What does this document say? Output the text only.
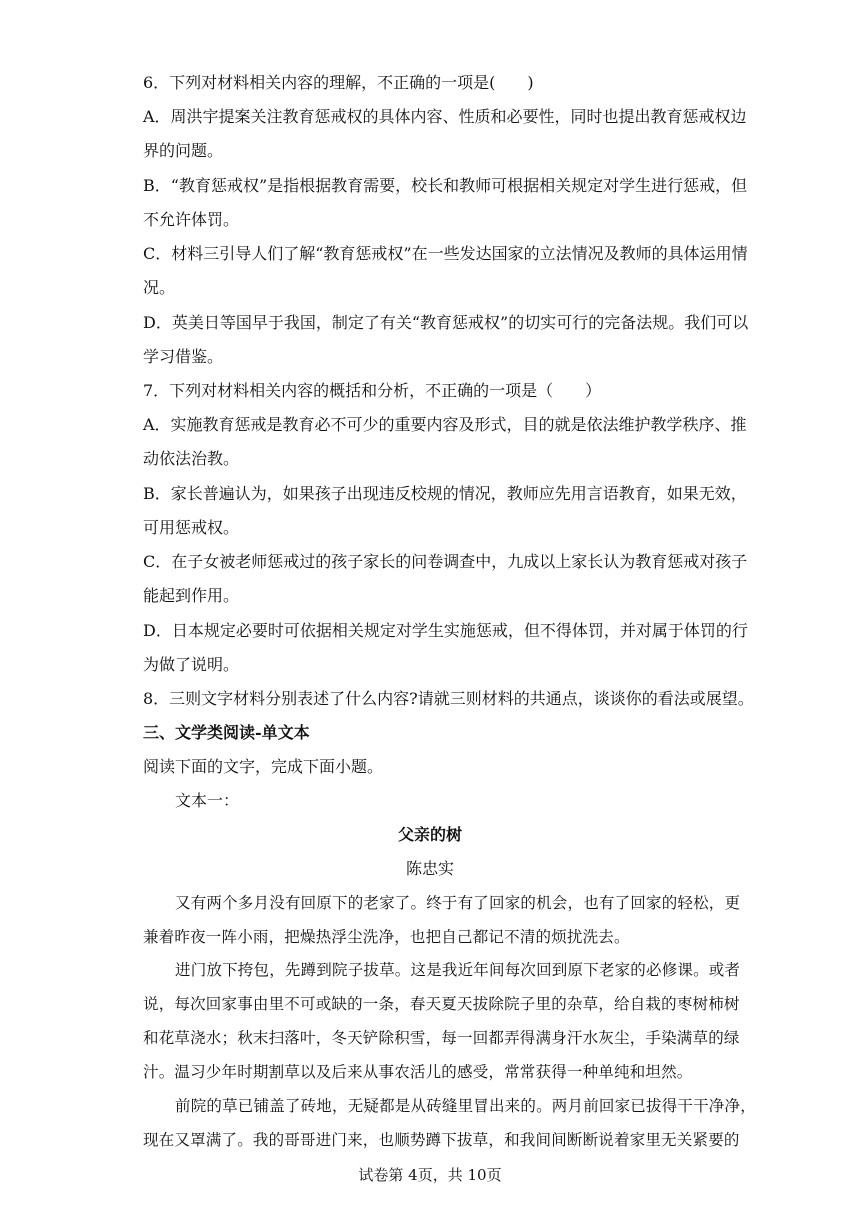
6．下列对材料相关内容的理解，不正确的一项是(　　)
A．周洪宇提案关注教育惩戒权的具体内容、性质和必要性，同时也提出教育惩戒权边
界的问题。
B．“教育惩戒权”是指根据教育需要，校长和教师可根据相关规定对学生进行惩戒，但
不允许体罚。
C．材料三引导人们了解“教育惩戒权”在一些发达国家的立法情况及教师的具体运用情
况。
D．英美日等国早于我国，制定了有关“教育惩戒权”的切实可行的完备法规。我们可以
学习借鉴。
7．下列对材料相关内容的概括和分析，不正确的一项是（　　）
A．实施教育惩戒是教育必不可少的重要内容及形式，目的就是依法维护教学秩序、推
动依法治教。
B．家长普遍认为，如果孩子出现违反校规的情况，教师应先用言语教育，如果无效，
可用惩戒权。
C．在子女被老师惩戒过的孩子家长的问卷调查中，九成以上家长认为教育惩戒对孩子
能起到作用。
D．日本规定必要时可依据相关规定对学生实施惩戒，但不得体罚，并对属于体罚的行
为做了说明。
8．三则文字材料分别表述了什么内容?请就三则材料的共通点，谈谈你的看法或展望。
三、文学类阅读-单文本
阅读下面的文字，完成下面小题。
文本一：
父亲的树
陈忠实
又有两个多月没有回原下的老家了。终于有了回家的机会，也有了回家的轻松，更
兼着昨夜一阵小雨，把燥热浮尘洗净，也把自己都记不清的烦扰洗去。
进门放下挎包，先蹲到院子拔草。这是我近年间每次回到原下老家的必修课。或者
说，每次回家事由里不可或缺的一条，春天夏天拔除院子里的杂草，给自栽的枣树柿树
和花草浇水；秋末扫落叶，冬天铲除积雪，每一回都弄得满身汗水灰尘，手染满草的绿
汁。温习少年时期割草以及后来从事农活儿的感受，常常获得一种单纯和坦然。
前院的草已铺盖了砖地，无疑都是从砖缝里冒出来的。两月前回家已拔得干干净净，
现在又罩满了。我的哥哥进门来，也顺势蹲下拔草，和我间间断断说着家里无关紧要的
试卷第 4页，共 10页
